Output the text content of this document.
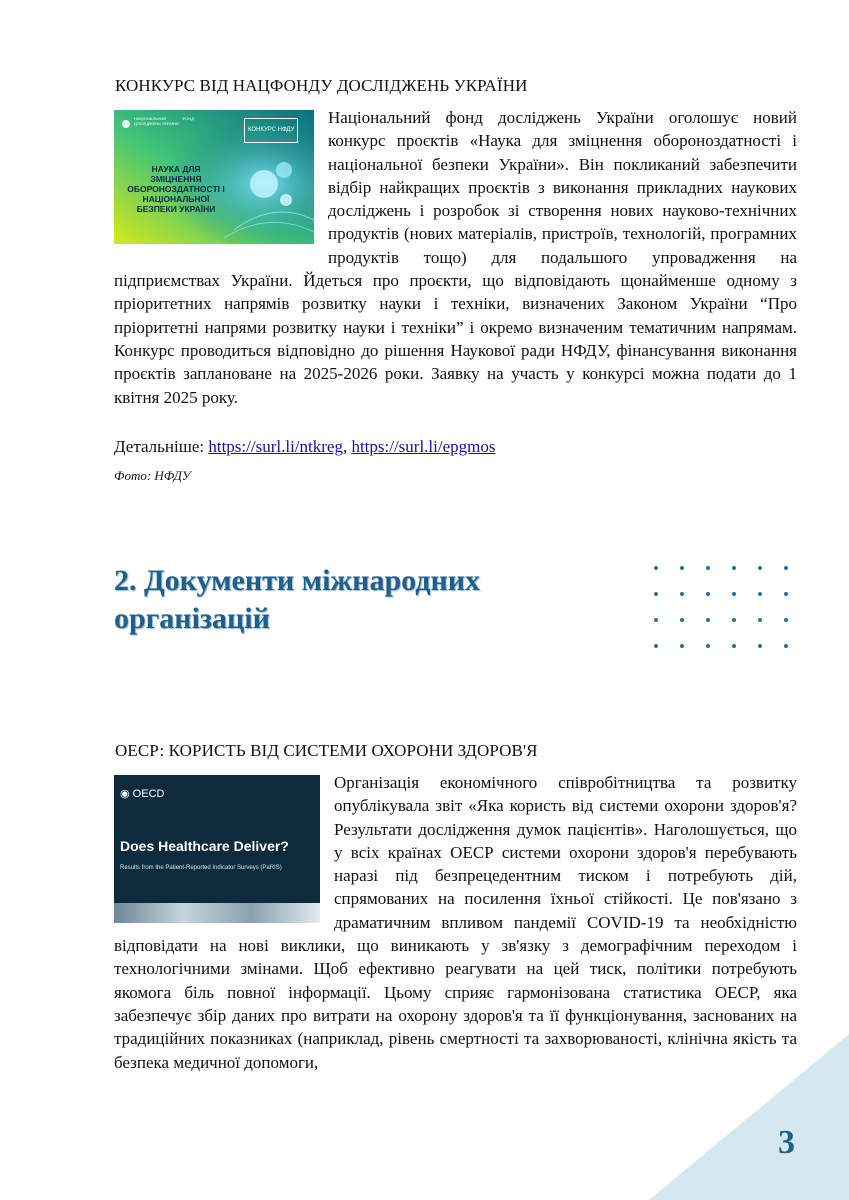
КОНКУРС ВІД НАЦФОНДУ ДОСЛІДЖЕНЬ УКРАЇНИ
НАЦІОНАЛЬНИЙ ФОНД ДОСЛІДЖЕНЬ УКРАЇНИ
КОНКУРС НФДУ
НАУКА ДЛЯ ЗМІЦНЕННЯ ОБОРОНОЗДАТНОСТІ І НАЦІОНАЛЬНОЇ БЕЗПЕКИ УКРАЇНИ

Національний фонд досліджень України оголошує новий конкурс проєктів «Наука для зміцнення обороноздатності і національної безпеки України». Він покликаний забезпечити відбір найкращих проєктів з виконання прикладних наукових досліджень і розробок зі створення нових науково-технічних продуктів (нових матеріалів, пристроїв, технологій, програмних продуктів тощо) для подальшого упровадження на підприємствах України. Йдеться про проєкти, що відповідають щонайменше одному з пріоритетних напрямів розвитку науки і техніки, визначених Законом України “Про пріоритетні напрями розвитку науки і техніки” і окремо визначеним тематичним напрямам. Конкурс проводиться відповідно до рішення Наукової ради НФДУ, фінансування виконання проєктів заплановане на 2025-2026 роки. Заявку на участь у конкурсі можна подати до 1 квітня 2025 року.

Детальніше: https://surl.li/ntkreg, https://surl.li/epgmos
Фото: НФДУ
2. Документи міжнародних
організацій
ОЕСР: КОРИСТЬ ВІД СИСТЕМИ ОХОРОНИ ЗДОРОВ'Я
◉ OECD
Does Healthcare Deliver?
Results from the Patient-Reported Indicator Surveys (PaRIS)

Організація економічного співробітництва та розвитку опублікувала звіт «Яка користь від системи охорони здоров'я? Результати дослідження думок пацієнтів». Наголошується, що у всіх країнах ОЕСР системи охорони здоров'я перебувають наразі під безпрецедентним тиском і потребують дій, спрямованих на посилення їхньої стійкості. Це пов'язано з драматичним впливом пандемії COVID-19 та необхідністю відповідати на нові виклики, що виникають у зв'язку з демографічним переходом і технологічними змінами. Щоб ефективно реагувати на цей тиск, політики потребують якомога біль повної інформації. Цьому сприяє гармонізована статистика ОЕСР, яка забезпечує збір даних про витрати на охорону здоров'я та її функціонування, заснованих на традиційних показниках (наприклад, рівень смертності та захворюваності, клінічна якість та безпека медичної допомоги,

3
